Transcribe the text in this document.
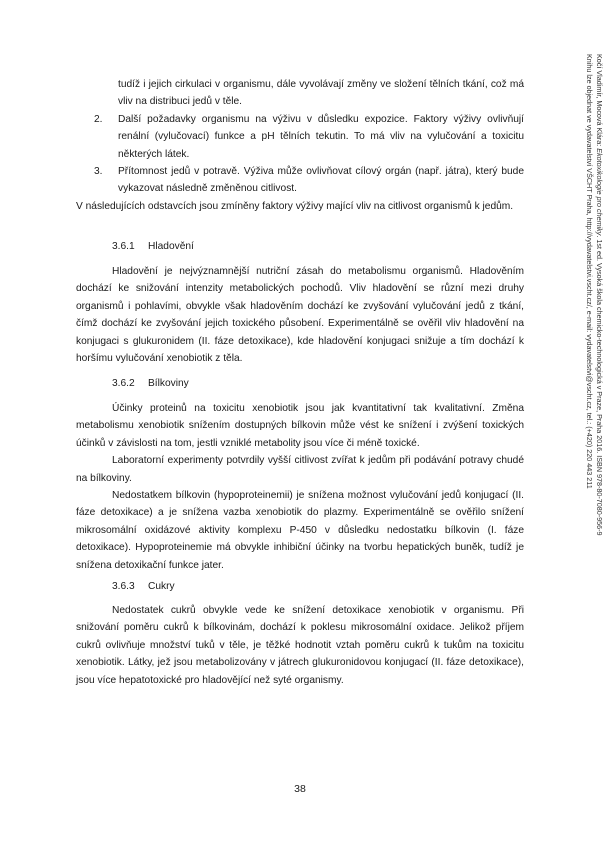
tudíž i jejich cirkulaci v organismu, dále vyvolávají změny ve složení tělních tkání, což má vliv na distribuci jedů v těle.

2. Další požadavky organismu na výživu v důsledku expozice. Faktory výživy ovlivňují renální (vylučovací) funkce a pH tělních tekutin. To má vliv na vylučování a toxicitu některých látek.
3. Přítomnost jedů v potravě. Výživa může ovlivňovat cílový orgán (např. játra), který bude vykazovat následně změněnou citlivost.

V následujících odstavcích jsou zmíněny faktory výživy mající vliv na citlivost organismů k jedům.

3.6.1 Hladovění

Hladovění je nejvýznamnější nutriční zásah do metabolismu organismů. Hladověním dochází ke snižování intenzity metabolických pochodů. Vliv hladovění se různí mezi druhy organismů i pohlavími, obvykle však hladověním dochází ke zvyšování vylučování jedů z tkání, čímž dochází ke zvyšování jejich toxického působení. Experimentálně se ověřil vliv hladovění na konjugaci s glukuronidem (II. fáze detoxikace), kde hladovění konjugaci snižuje a tím dochází k horšímu vylučování xenobiotik z těla.

3.6.2 Bílkoviny

Účinky proteinů na toxicitu xenobiotik jsou jak kvantitativní tak kvalitativní. Změna metabolismu xenobiotik snížením dostupných bílkovin může vést ke snížení i zvýšení toxických účinků v závislosti na tom, jestli vzniklé metabolity jsou více či méně toxické.

Laboratorní experimenty potvrdily vyšší citlivost zvířat k jedům při podávání potravy chudé na bílkoviny.

Nedostatkem bílkovin (hypoproteinemii) je snížena možnost vylučování jedů konjugací (II. fáze detoxikace) a je snížena vazba xenobiotik do plazmy. Experimentálně se ověřilo snížení mikrosomální oxidázové aktivity komplexu P-450 v důsledku nedostatku bílkovin (I. fáze detoxikace). Hypoproteinemie má obvykle inhibiční účinky na tvorbu hepatických buněk, tudíž je snížena detoxikační funkce jater.

3.6.3 Cukry

Nedostatek cukrů obvykle vede ke snížení detoxikace xenobiotik v organismu. Při snižování poměru cukrů k bílkovinám, dochází k poklesu mikrosomální oxidace. Jelikož příjem cukrů ovlivňuje množství tuků v těle, je těžké hodnotit vztah poměru cukrů k tukům na toxicitu xenobiotik. Látky, jež jsou metabolizovány v játrech glukuronidovou konjugací (II. fáze detoxikace), jsou více hepatotoxické pro hladovějící než syté organismy.

Kočí Vladimír, Mocová Klára: Ekotoxikologie pro chemiky. 1st ed. Vysoká škola chemicko-technologická v Praze, Praha 2016. ISBN 978-80-7080-956-9
Knihu lze objednat ve vydavatelství VŠCHT Praha, http://vydavatelstvi.vscht.cz/, e-mail: vydavatelstvi@vscht.cz, tel.: (+420) 220 443 211
38
